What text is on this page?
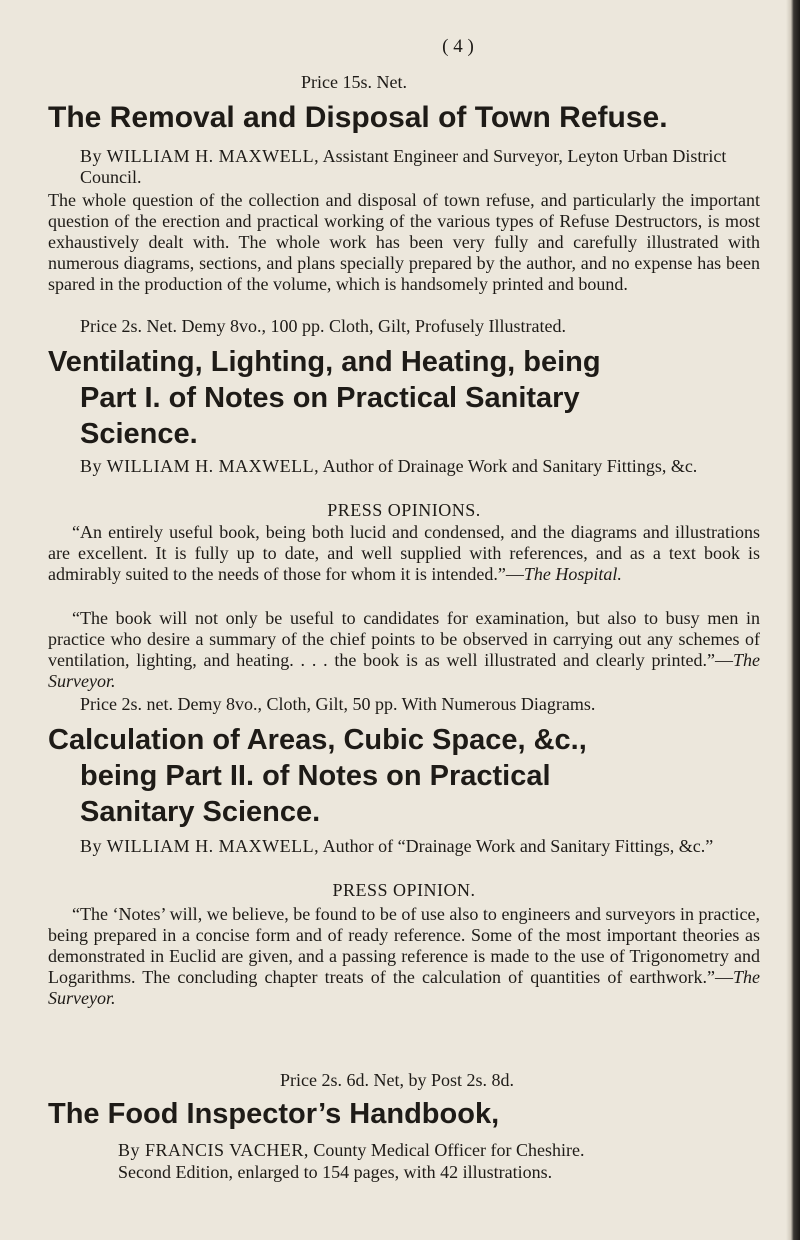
( 4 )
Price 15s. Net.
The Removal and Disposal of Town Refuse.
By WILLIAM H. MAXWELL, Assistant Engineer and Surveyor, Leyton Urban District Council.
The whole question of the collection and disposal of town refuse, and particularly the important question of the erection and practical working of the various types of Refuse Destructors, is most exhaustively dealt with. The whole work has been very fully and carefully illustrated with numerous diagrams, sections, and plans specially prepared by the author, and no expense has been spared in the production of the volume, which is handsomely printed and bound.
Price 2s. Net. Demy 8vo., 100 pp. Cloth, Gilt, Profusely Illustrated.
Ventilating, Lighting, and Heating, being
Part I. of Notes on Practical Sanitary
Science.
By WILLIAM H. MAXWELL, Author of Drainage Work and Sanitary Fittings, &c.
PRESS OPINIONS.
“An entirely useful book, being both lucid and condensed, and the diagrams and illustrations are excellent. It is fully up to date, and well supplied with references, and as a text book is admirably suited to the needs of those for whom it is intended.”—The Hospital.
“The book will not only be useful to candidates for examination, but also to busy men in practice who desire a summary of the chief points to be observed in carrying out any schemes of ventilation, lighting, and heating. . . . the book is as well illustrated and clearly printed.”—The Surveyor.
Price 2s. net. Demy 8vo., Cloth, Gilt, 50 pp. With Numerous Diagrams.
Calculation of Areas, Cubic Space, &c.,
being Part II. of Notes on Practical
Sanitary Science.
By WILLIAM H. MAXWELL, Author of “Drainage Work and Sanitary Fittings, &c.”
PRESS OPINION.
“The ‘Notes’ will, we believe, be found to be of use also to engineers and surveyors in practice, being prepared in a concise form and of ready reference. Some of the most important theories as demonstrated in Euclid are given, and a passing reference is made to the use of Trigonometry and Logarithms. The concluding chapter treats of the calculation of quantities of earthwork.”—The Surveyor.
Price 2s. 6d. Net, by Post 2s. 8d.
The Food Inspector’s Handbook,
By FRANCIS VACHER, County Medical Officer for Cheshire.
Second Edition, enlarged to 154 pages, with 42 illustrations.
